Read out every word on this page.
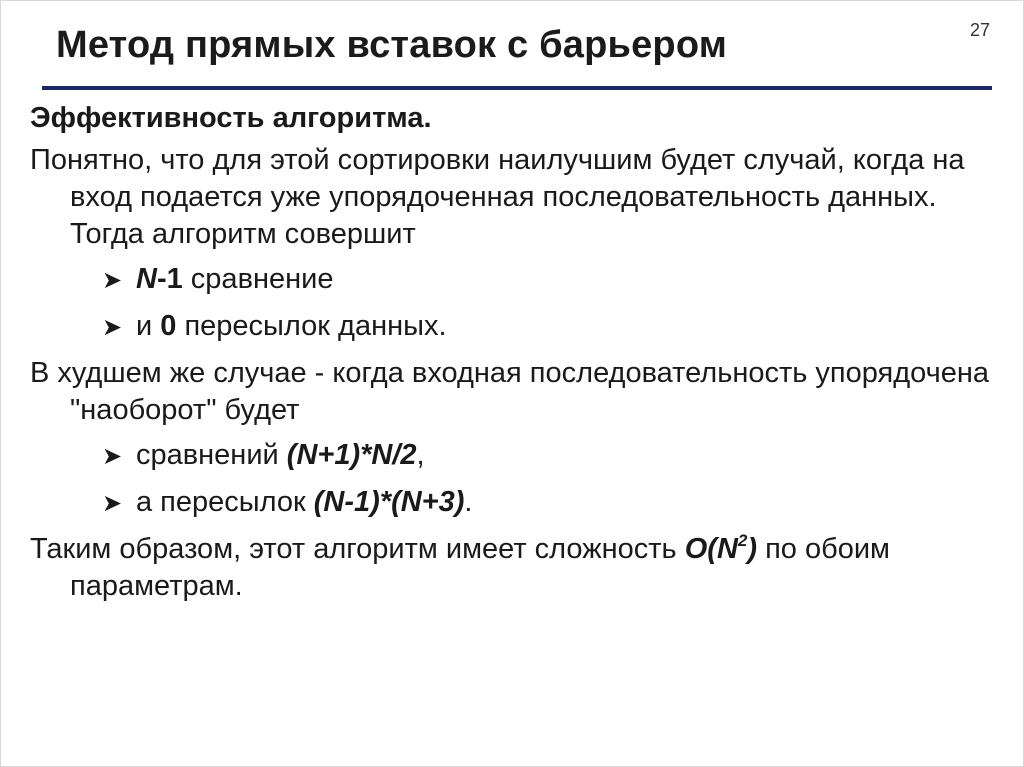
27
Метод прямых вставок с барьером

Эффективность алгоритма.

Понятно, что для этой сортировки наилучшим будет случай, когда на вход подается уже упорядоченная последовательность данных. Тогда алгоритм совершит

➤ N-1 сравнение
➤ и 0 пересылок данных.

В худшем же случае - когда входная последовательность упорядочена "наоборот" будет

➤ сравнений (N+1)*N/2,
➤ а пересылок (N-1)*(N+3).

Таким образом, этот алгоритм имеет сложность $O(N^2)$ по обоим параметрам.
